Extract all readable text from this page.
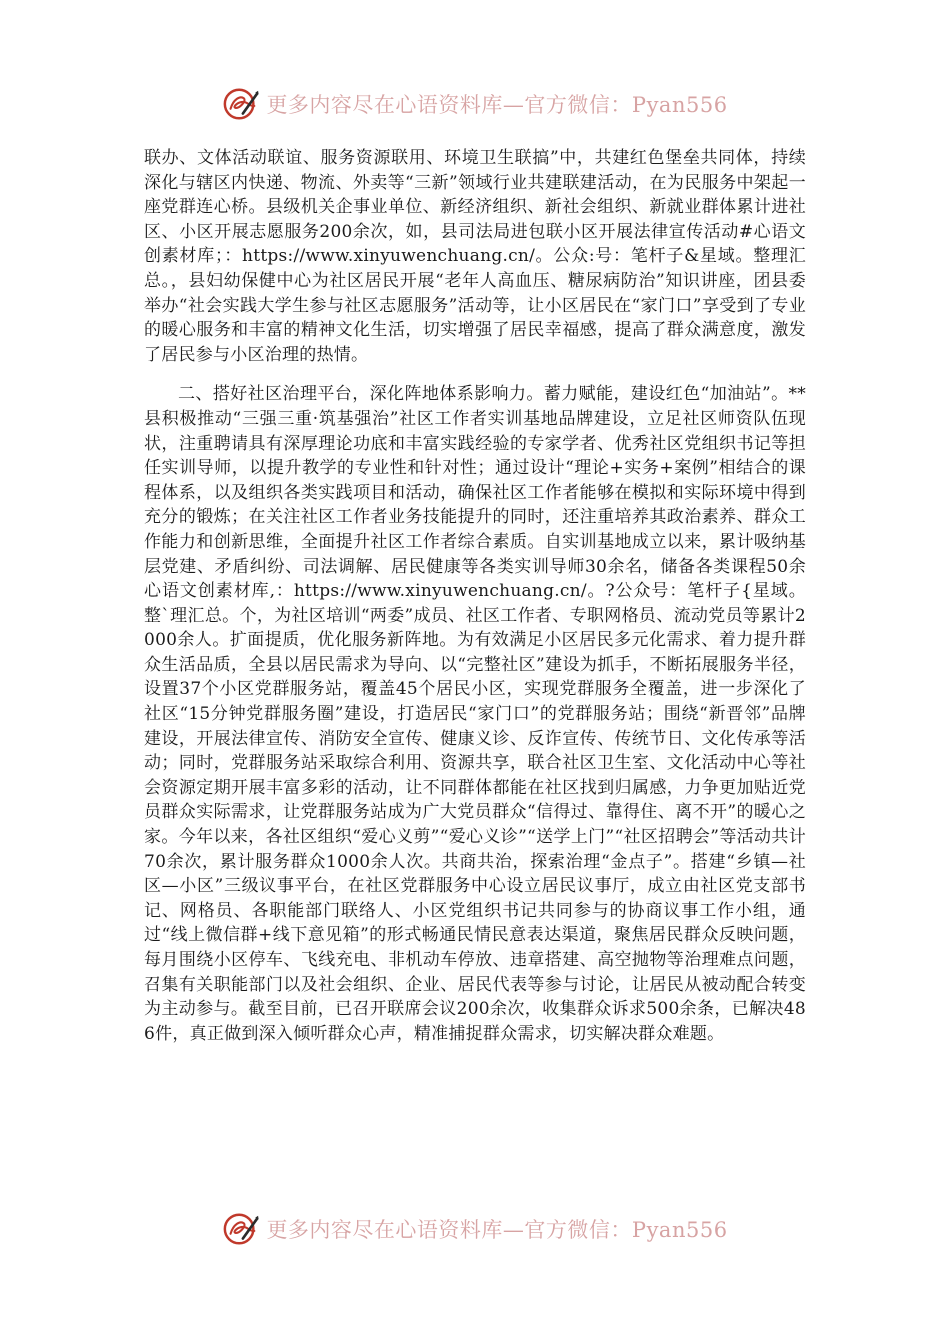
更多内容尽在心语资料库—官方微信：Pyan556

联办、文体活动联谊、服务资源联用、环境卫生联搞”中，共建红色堡垒共同体，持续深化与辖区内快递、物流、外卖等“三新”领域行业共建联建活动，在为民服务中架起一座党群连心桥。县级机关企事业单位、新经济组织、新社会组织、新就业群体累计进社区、小区开展志愿服务200余次，如，县司法局进包联小区开展法律宣传活动#心语文创素材库；：https://www.xinyuwenchuang.cn/。公众:号：笔杆子&星域。整理汇总。，县妇幼保健中心为社区居民开展“老年人高血压、糖尿病防治”知识讲座，团县委举办“社会实践大学生参与社区志愿服务”活动等，让小区居民在“家门口”享受到了专业的暖心服务和丰富的精神文化生活，切实增强了居民幸福感，提高了群众满意度，激发了居民参与小区治理的热情。

二、搭好社区治理平台，深化阵地体系影响力。蓄力赋能，建设红色“加油站”。**县积极推动“三强三重·筑基强治”社区工作者实训基地品牌建设，立足社区师资队伍现状，注重聘请具有深厚理论功底和丰富实践经验的专家学者、优秀社区党组织书记等担任实训导师，以提升教学的专业性和针对性；通过设计“理论+实务+案例”相结合的课程体系，以及组织各类实践项目和活动，确保社区工作者能够在模拟和实际环境中得到充分的锻炼；在关注社区工作者业务技能提升的同时，还注重培养其政治素养、群众工作能力和创新思维，全面提升社区工作者综合素质。自实训基地成立以来，累计吸纳基层党建、矛盾纠纷、司法调解、居民健康等各类实训导师30余名，储备各类课程50余心语文创素材库,：https://www.xinyuwenchuang.cn/。?公众号：笔杆子{星域。整`理汇总。个，为社区培训“两委”成员、社区工作者、专职网格员、流动党员等累计2000余人。扩面提质，优化服务新阵地。为有效满足小区居民多元化需求、着力提升群众生活品质，全县以居民需求为导向、以“完整社区”建设为抓手，不断拓展服务半径，设置37个小区党群服务站，覆盖45个居民小区，实现党群服务全覆盖，进一步深化了社区“15分钟党群服务圈”建设，打造居民“家门口”的党群服务站；围绕“新晋邻”品牌建设，开展法律宣传、消防安全宣传、健康义诊、反诈宣传、传统节日、文化传承等活动；同时，党群服务站采取综合利用、资源共享，联合社区卫生室、文化活动中心等社会资源定期开展丰富多彩的活动，让不同群体都能在社区找到归属感，力争更加贴近党员群众实际需求，让党群服务站成为广大党员群众“信得过、靠得住、离不开”的暖心之家。今年以来，各社区组织“爱心义剪”“爱心义诊”“送学上门”“社区招聘会”等活动共计70余次，累计服务群众1000余人次。共商共治，探索治理“金点子”。搭建“乡镇—社区—小区”三级议事平台，在社区党群服务中心设立居民议事厅，成立由社区党支部书记、网格员、各职能部门联络人、小区党组织书记共同参与的协商议事工作小组，通过“线上微信群+线下意见箱”的形式畅通民情民意表达渠道，聚焦居民群众反映问题，每月围绕小区停车、飞线充电、非机动车停放、违章搭建、高空抛物等治理难点问题，召集有关职能部门以及社会组织、企业、居民代表等参与讨论，让居民从被动配合转变为主动参与。截至目前，已召开联席会议200余次，收集群众诉求500余条，已解决486件，真正做到深入倾听群众心声，精准捕捉群众需求，切实解决群众难题。

更多内容尽在心语资料库—官方微信：Pyan556
